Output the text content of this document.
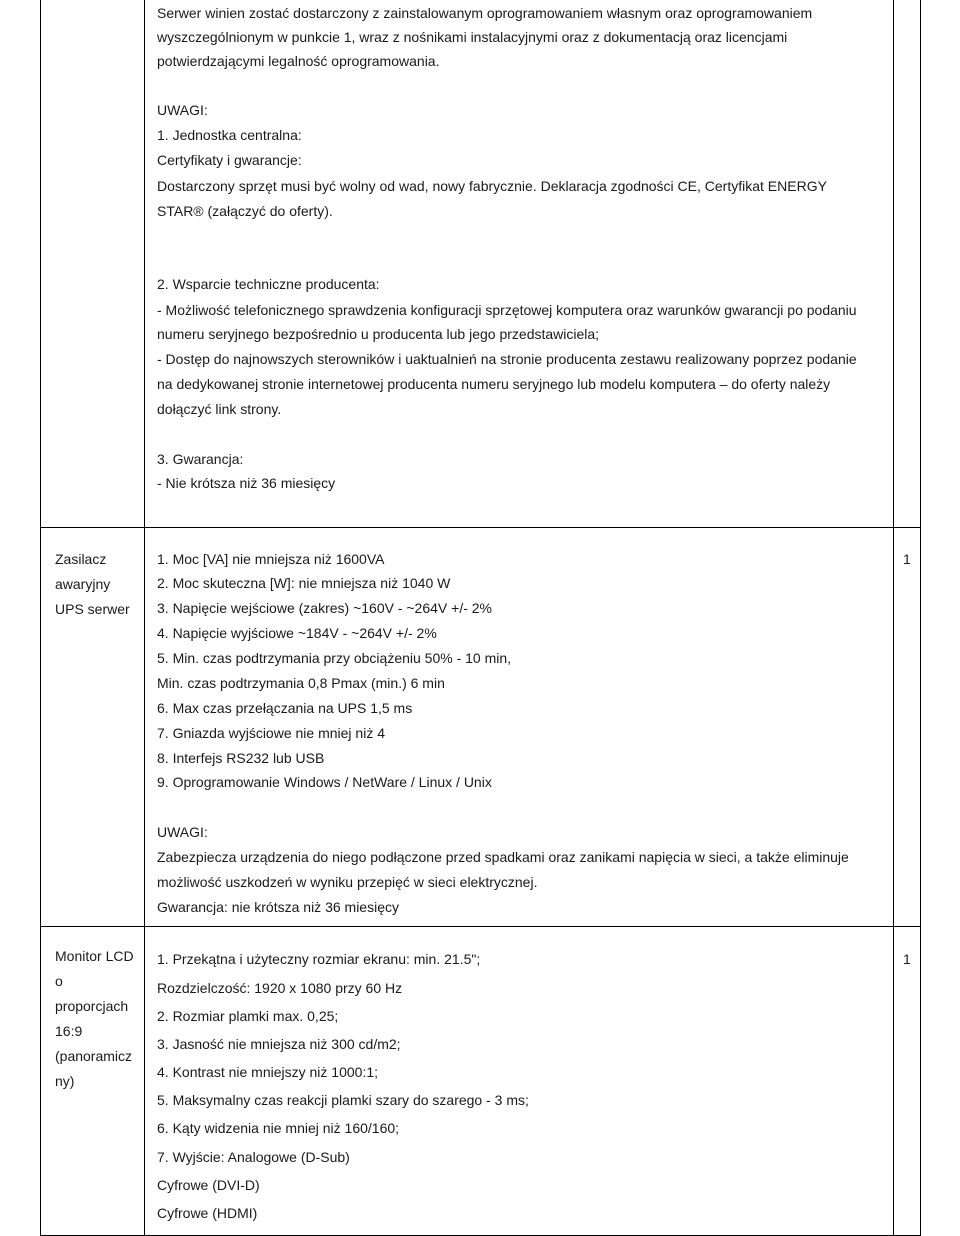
Serwer winien zostać dostarczony z zainstalowanym oprogramowaniem własnym oraz oprogramowaniem
wyszczególnionym w punkcie 1, wraz z nośnikami instalacyjnymi oraz z dokumentacją oraz licencjami
potwierdzającymi legalność oprogramowania.
UWAGI:
1. Jednostka centralna:
Certyfikaty i gwarancje:
Dostarczony sprzęt musi być wolny od wad, nowy fabrycznie. Deklaracja zgodności CE, Certyfikat ENERGY
STAR® (załączyć do oferty).
2. Wsparcie techniczne producenta:
- Możliwość telefonicznego sprawdzenia konfiguracji sprzętowej komputera oraz warunków gwarancji po podaniu
numeru seryjnego bezpośrednio u producenta lub jego przedstawiciela;
- Dostęp do najnowszych sterowników i uaktualnień na stronie producenta zestawu realizowany poprzez podanie
na dedykowanej stronie internetowej producenta numeru seryjnego lub modelu komputera – do oferty należy
dołączyć link strony.
3. Gwarancja:
- Nie krótsza niż 36 miesięcy
Zasilacz
awaryjny
UPS serwer
1. Moc [VA] nie mniejsza niż 1600VA
2. Moc skuteczna [W]: nie mniejsza niż 1040 W
3. Napięcie wejściowe (zakres) ~160V - ~264V +/- 2%
4. Napięcie wyjściowe ~184V - ~264V +/- 2%
5. Min. czas podtrzymania przy obciążeniu 50% - 10 min,
Min. czas podtrzymania 0,8 Pmax (min.) 6 min
6. Max czas przełączania na UPS 1,5 ms
7. Gniazda wyjściowe nie mniej niż 4
8. Interfejs RS232 lub USB
9. Oprogramowanie Windows / NetWare / Linux / Unix
UWAGI:
Zabezpiecza urządzenia do niego podłączone przed spadkami oraz zanikami napięcia w sieci, a także eliminuje
możliwość uszkodzeń w wyniku przepięć w sieci elektrycznej.
Gwarancja: nie krótsza niż 36 miesięcy
1
Monitor LCD
o
proporcjach
16:9
(panoramicz
ny)
1. Przekątna i użyteczny rozmiar ekranu: min. 21.5";
Rozdzielczość: 1920 x 1080 przy 60 Hz
2. Rozmiar plamki max. 0,25;
3. Jasność nie mniejsza niż 300 cd/m2;
4. Kontrast nie mniejszy niż 1000:1;
5. Maksymalny czas reakcji plamki szary do szarego - 3 ms;
6. Kąty widzenia nie mniej niż 160/160;
7. Wyjście: Analogowe (D-Sub)
Cyfrowe (DVI-D)
Cyfrowe (HDMI)
1
